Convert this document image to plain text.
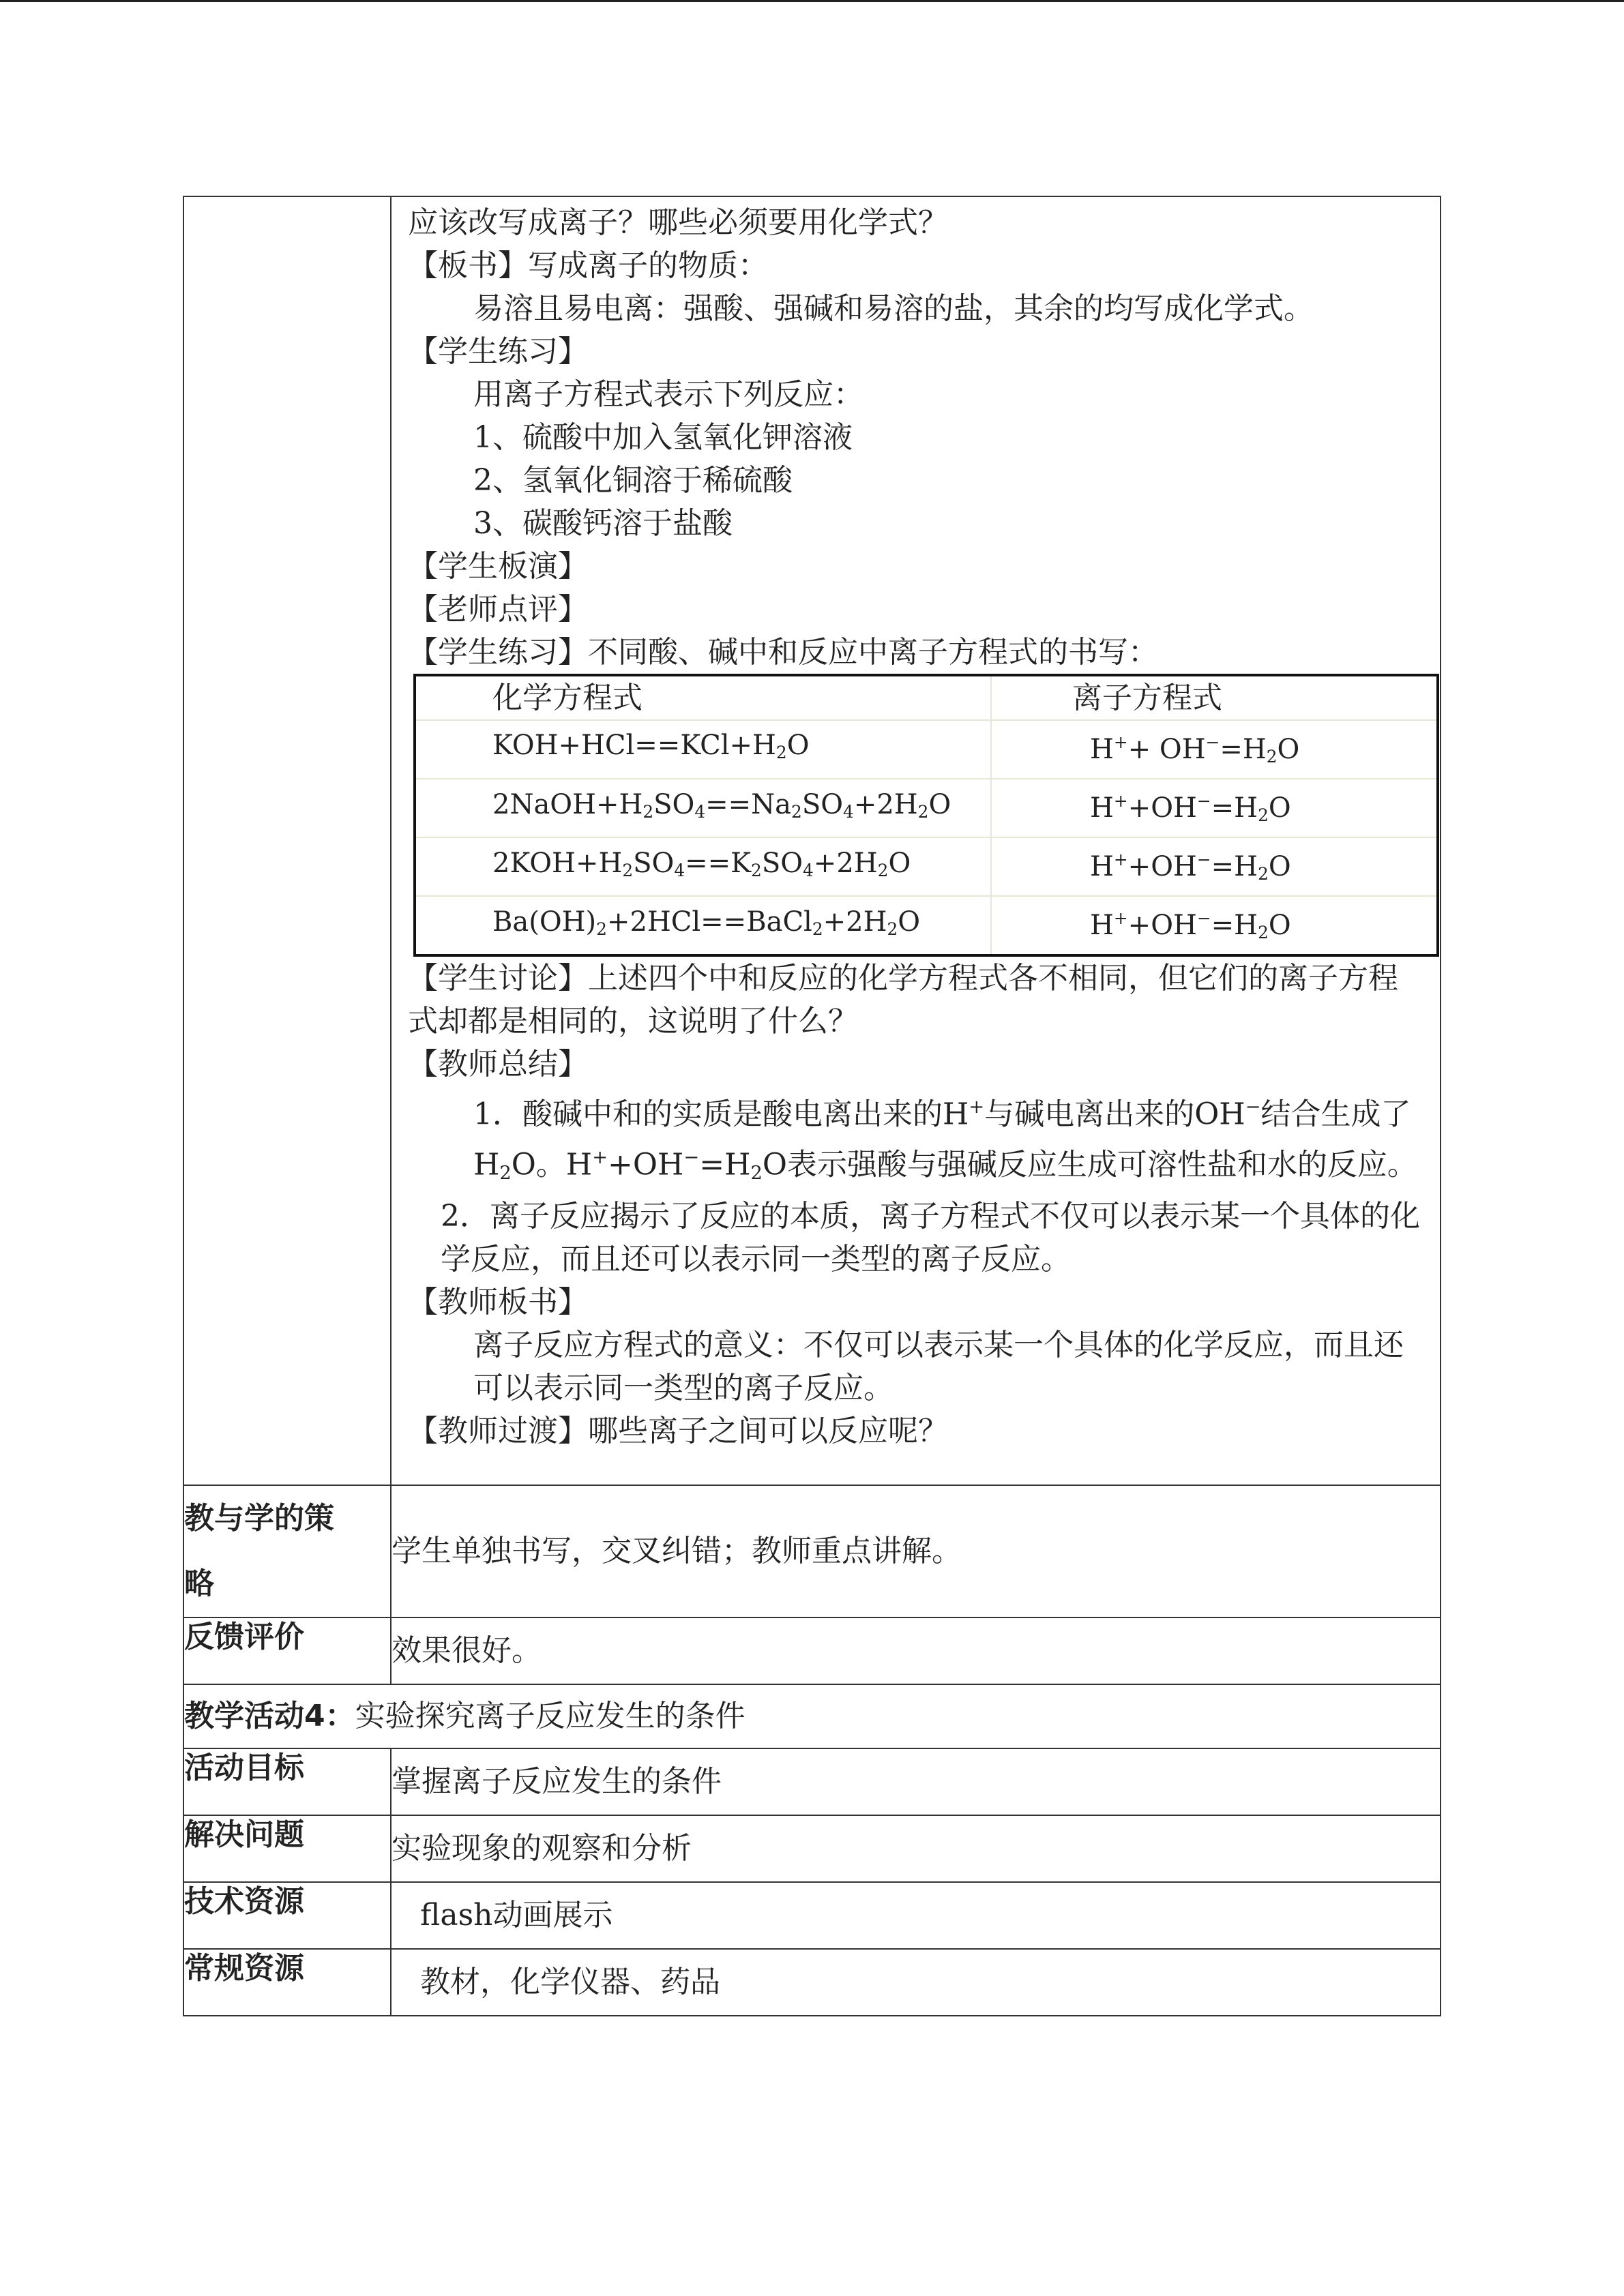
应该改写成离子？哪些必须要用化学式？
【板书】写成离子的物质：
易溶且易电离：强酸、强碱和易溶的盐，其余的均写成化学式。
【学生练习】
用离子方程式表示下列反应：
1、硫酸中加入氢氧化钾溶液
2、氢氧化铜溶于稀硫酸
3、碳酸钙溶于盐酸
【学生板演】
【老师点评】
【学生练习】不同酸、碱中和反应中离子方程式的书写：
化学方程式	离子方程式
$KOH+HCl==KCl+H_2O$	$H^++ OH^-=H_2O$
$2NaOH+H_2SO_4==Na_2SO_4+2H_2O$	$H^++OH^-=H_2O$
$2KOH+H_2SO_4==K_2SO_4+2H_2O$	$H^++OH^-=H_2O$
$Ba(OH)_2+2HCl==BaCl_2+2H_2O$	$H^++OH^-=H_2O$
【学生讨论】上述四个中和反应的化学方程式各不相同，但它们的离子方程式却都是相同的，这说明了什么？
【教师总结】
1．酸碱中和的实质是酸电离出来的H+与碱电离出来的OH−结合生成了$H_2O$。$H^++OH^-=H_2O$表示强酸与强碱反应生成可溶性盐和水的反应。
2．离子反应揭示了反应的本质，离子方程式不仅可以表示某一个具体的化学反应，而且还可以表示同一类型的离子反应。
【教师板书】
离子反应方程式的意义：不仅可以表示某一个具体的化学反应，而且还可以表示同一类型的离子反应。
【教师过渡】哪些离子之间可以反应呢？

教与学的策
略
	学生单独书写，交叉纠错；教师重点讲解。
反馈评价	效果很好。
教学活动4：实验探究离子反应发生的条件
活动目标	掌握离子反应发生的条件
解决问题	实验现象的观察和分析
技术资源	flash动画展示
常规资源	教材，化学仪器、药品
